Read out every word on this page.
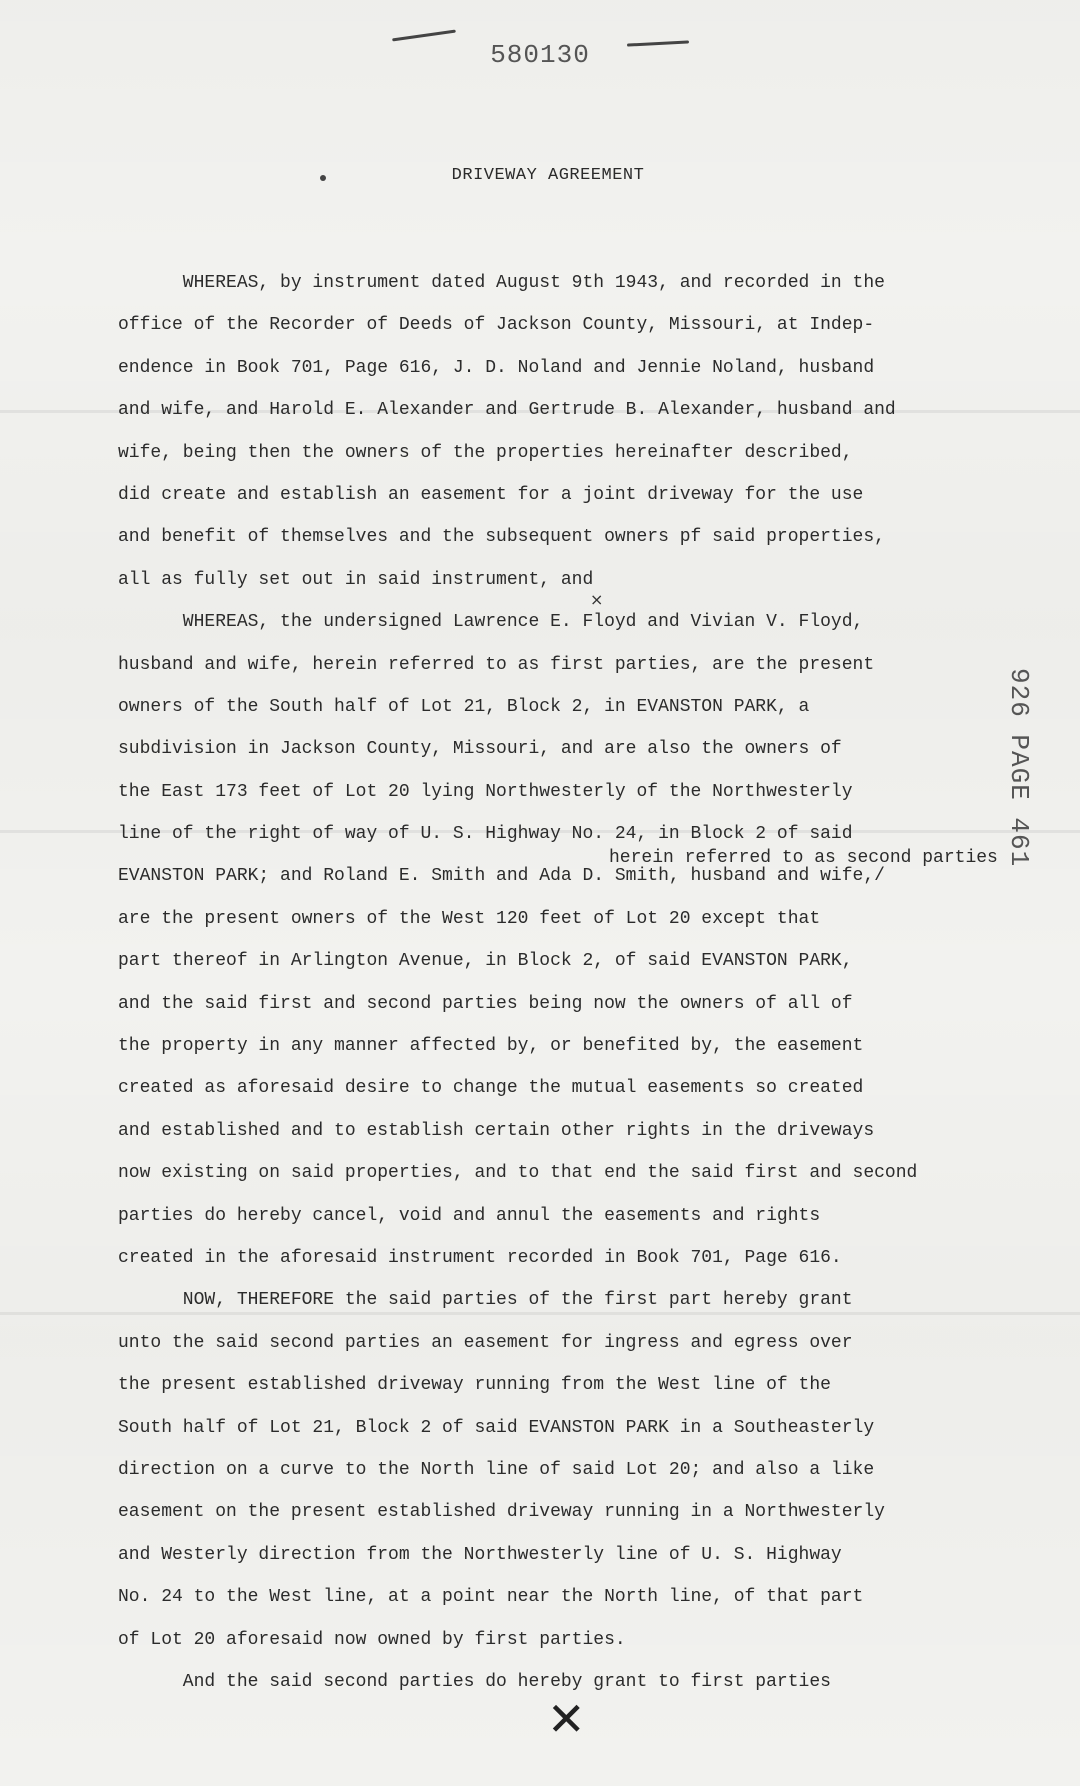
580130
DRIVEWAY AGREEMENT
WHEREAS, by instrument dated August 9th 1943, and recorded in the
office of the Recorder of Deeds of Jackson County, Missouri, at Indep-
endence in Book 701, Page 616, J. D. Noland and Jennie Noland, husband
and wife, and Harold E. Alexander and Gertrude B. Alexander, husband and
wife, being then the owners of the properties hereinafter described,
did create and establish an easement for a joint driveway for the use
and benefit of themselves and the subsequent owners pf said properties,
all as fully set out in said instrument, and
WHEREAS, the undersigned Lawrence E. Floyd and Vivian V. Floyd,
husband and wife, herein referred to as first parties, are the present
owners of the South half of Lot 21, Block 2, in EVANSTON PARK, a
subdivision in Jackson County, Missouri, and are also the owners of
the East 173 feet of Lot 20 lying Northwesterly of the Northwesterly
line of the right of way of U. S. Highway No. 24, in Block 2 of said
EVANSTON PARK; and Roland E. Smith and Ada D. Smith, husband and wife,/
are the present owners of the West 120 feet of Lot 20 except that
part thereof in Arlington Avenue, in Block 2, of said EVANSTON PARK,
and the said first and second parties being now the owners of all of
the property in any manner affected by, or benefited by, the easement
created as aforesaid desire to change the mutual easements so created
and established and to establish certain other rights in the driveways
now existing on said properties, and to that end the said first and second
parties do hereby cancel, void and annul the easements and rights
created in the aforesaid instrument recorded in Book 701, Page 616.
NOW, THEREFORE the said parties of the first part hereby grant
unto the said second parties an easement for ingress and egress over
the present established driveway running from the West line of the
South half of Lot 21, Block 2 of said EVANSTON PARK in a Southeasterly
direction on a curve to the North line of said Lot 20; and also a like
easement on the present established driveway running in a Northwesterly
and Westerly direction from the Northwesterly line of U. S. Highway
No. 24 to the West line, at a point near the North line, of that part
of Lot 20 aforesaid now owned by first parties.
And the said second parties do hereby grant to first parties
herein referred to as second parties
×
926 PAGE 461
✕
